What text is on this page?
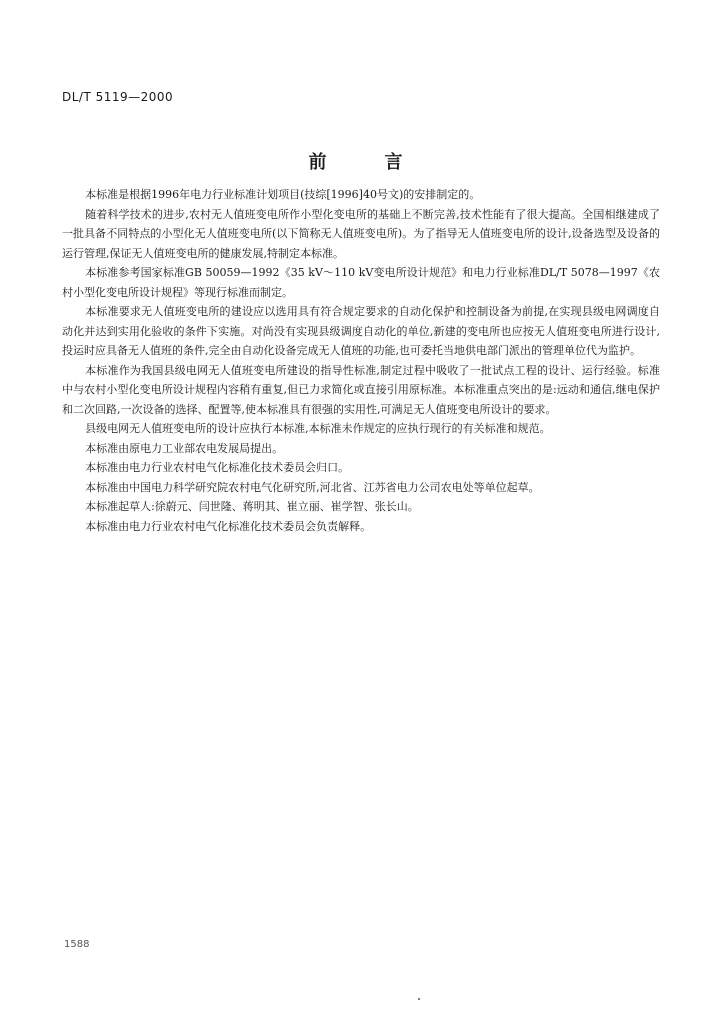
DL/T 5119—2000
前言

本标准是根据1996年电力行业标准计划项目(技综[1996]40号文)的安排制定的。

随着科学技术的进步,农村无人值班变电所作小型化变电所的基础上不断完善,技术性能有了很大提高。全国相继建成了一批具备不同特点的小型化无人值班变电所(以下简称无人值班变电所)。为了指导无人值班变电所的设计,设备选型及设备的运行管理,保证无人值班变电所的健康发展,特制定本标准。

本标准参考国家标准GB 50059—1992《35 kV～110 kV变电所设计规范》和电力行业标准DL/T 5078—1997《农村小型化变电所设计规程》等现行标准而制定。

本标准要求无人值班变电所的建设应以选用具有符合规定要求的自动化保护和控制设备为前提,在实现县级电网调度自动化并达到实用化验收的条件下实施。对尚没有实现县级调度自动化的单位,新建的变电所也应按无人值班变电所进行设计,投运时应具备无人值班的条件,完全由自动化设备完成无人值班的功能,也可委托当地供电部门派出的管理单位代为监护。

本标准作为我国县级电网无人值班变电所建设的指导性标准,制定过程中吸收了一批试点工程的设计、运行经验。标准中与农村小型化变电所设计规程内容稍有重复,但已力求简化或直接引用原标准。本标准重点突出的是:远动和通信,继电保护和二次回路,一次设备的选择、配置等,使本标准具有很强的实用性,可满足无人值班变电所设计的要求。

县级电网无人值班变电所的设计应执行本标准,本标准未作规定的应执行现行的有关标准和规范。

本标准由原电力工业部农电发展局提出。

本标准由电力行业农村电气化标准化技术委员会归口。

本标准由中国电力科学研究院农村电气化研究所,河北省、江苏省电力公司农电处等单位起草。

本标准起草人:徐蔚元、闫世隆、蒋明其、崔立丽、崔学智、张长山。

本标准由电力行业农村电气化标准化技术委员会负责解释。

1588
